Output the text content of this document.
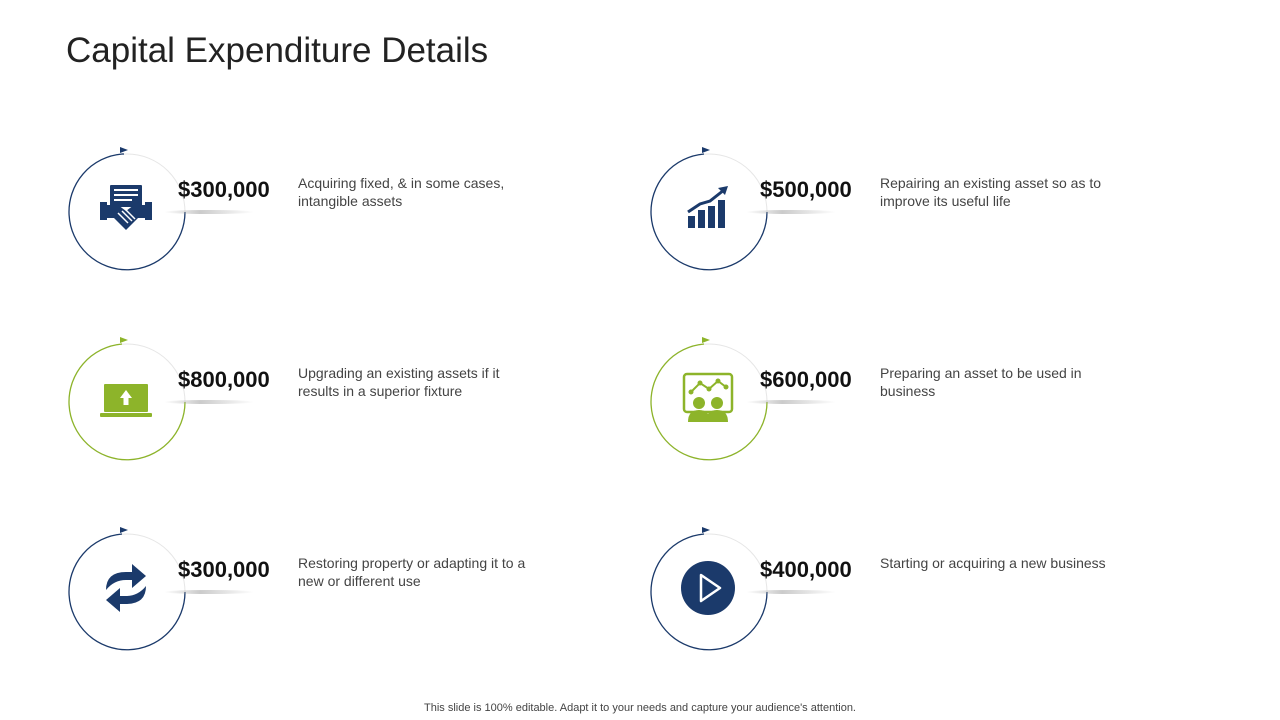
Capital Expenditure Details
$300,000 Acquiring fixed, & in some cases, intangible assets	$500,000 Repairing an existing asset so as to improve its useful life
$800,000 Upgrading an existing assets if it results in a superior fixture	$600,000 Preparing an asset to be used in business
$300,000 Restoring property or adapting it to a new or different use	$400,000 Starting or acquiring a new business
This slide is 100% editable. Adapt it to your needs and capture your audience's attention.
